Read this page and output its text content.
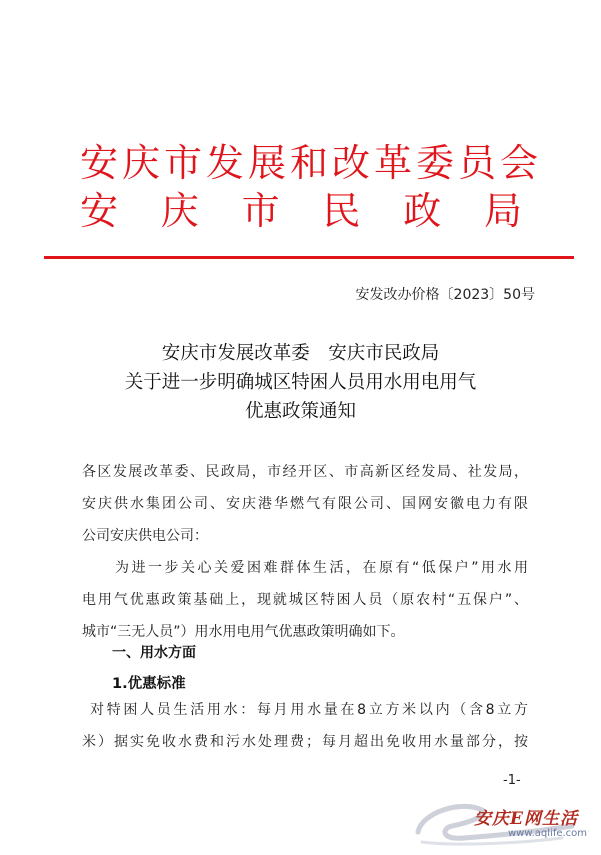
安庆市发展和改革委员会
安 庆 市 民 政 局
安发改办价格〔2023〕50号
安庆市发展改革委　安庆市民政局
关于进一步明确城区特困人员用水用电用气
优惠政策通知
各区发展改革委、民政局，市经开区、市高新区经发局、社发局，
安庆供水集团公司、安庆港华燃气有限公司、国网安徽电力有限
公司安庆供电公司：
　　为进一步关心关爱困难群体生活，在原有“低保户”用水用
电用气优惠政策基础上，现就城区特困人员（原农村“五保户”、
城市“三无人员”）用水用电用气优惠政策明确如下。
一、用水方面
1.优惠标准
对特困人员生活用水：每月用水量在8立方米以内（含8立方
米）据实免收水费和污水处理费；每月超出免收用水量部分，按
-1-
安庆E网生活
www.aqlife.com
